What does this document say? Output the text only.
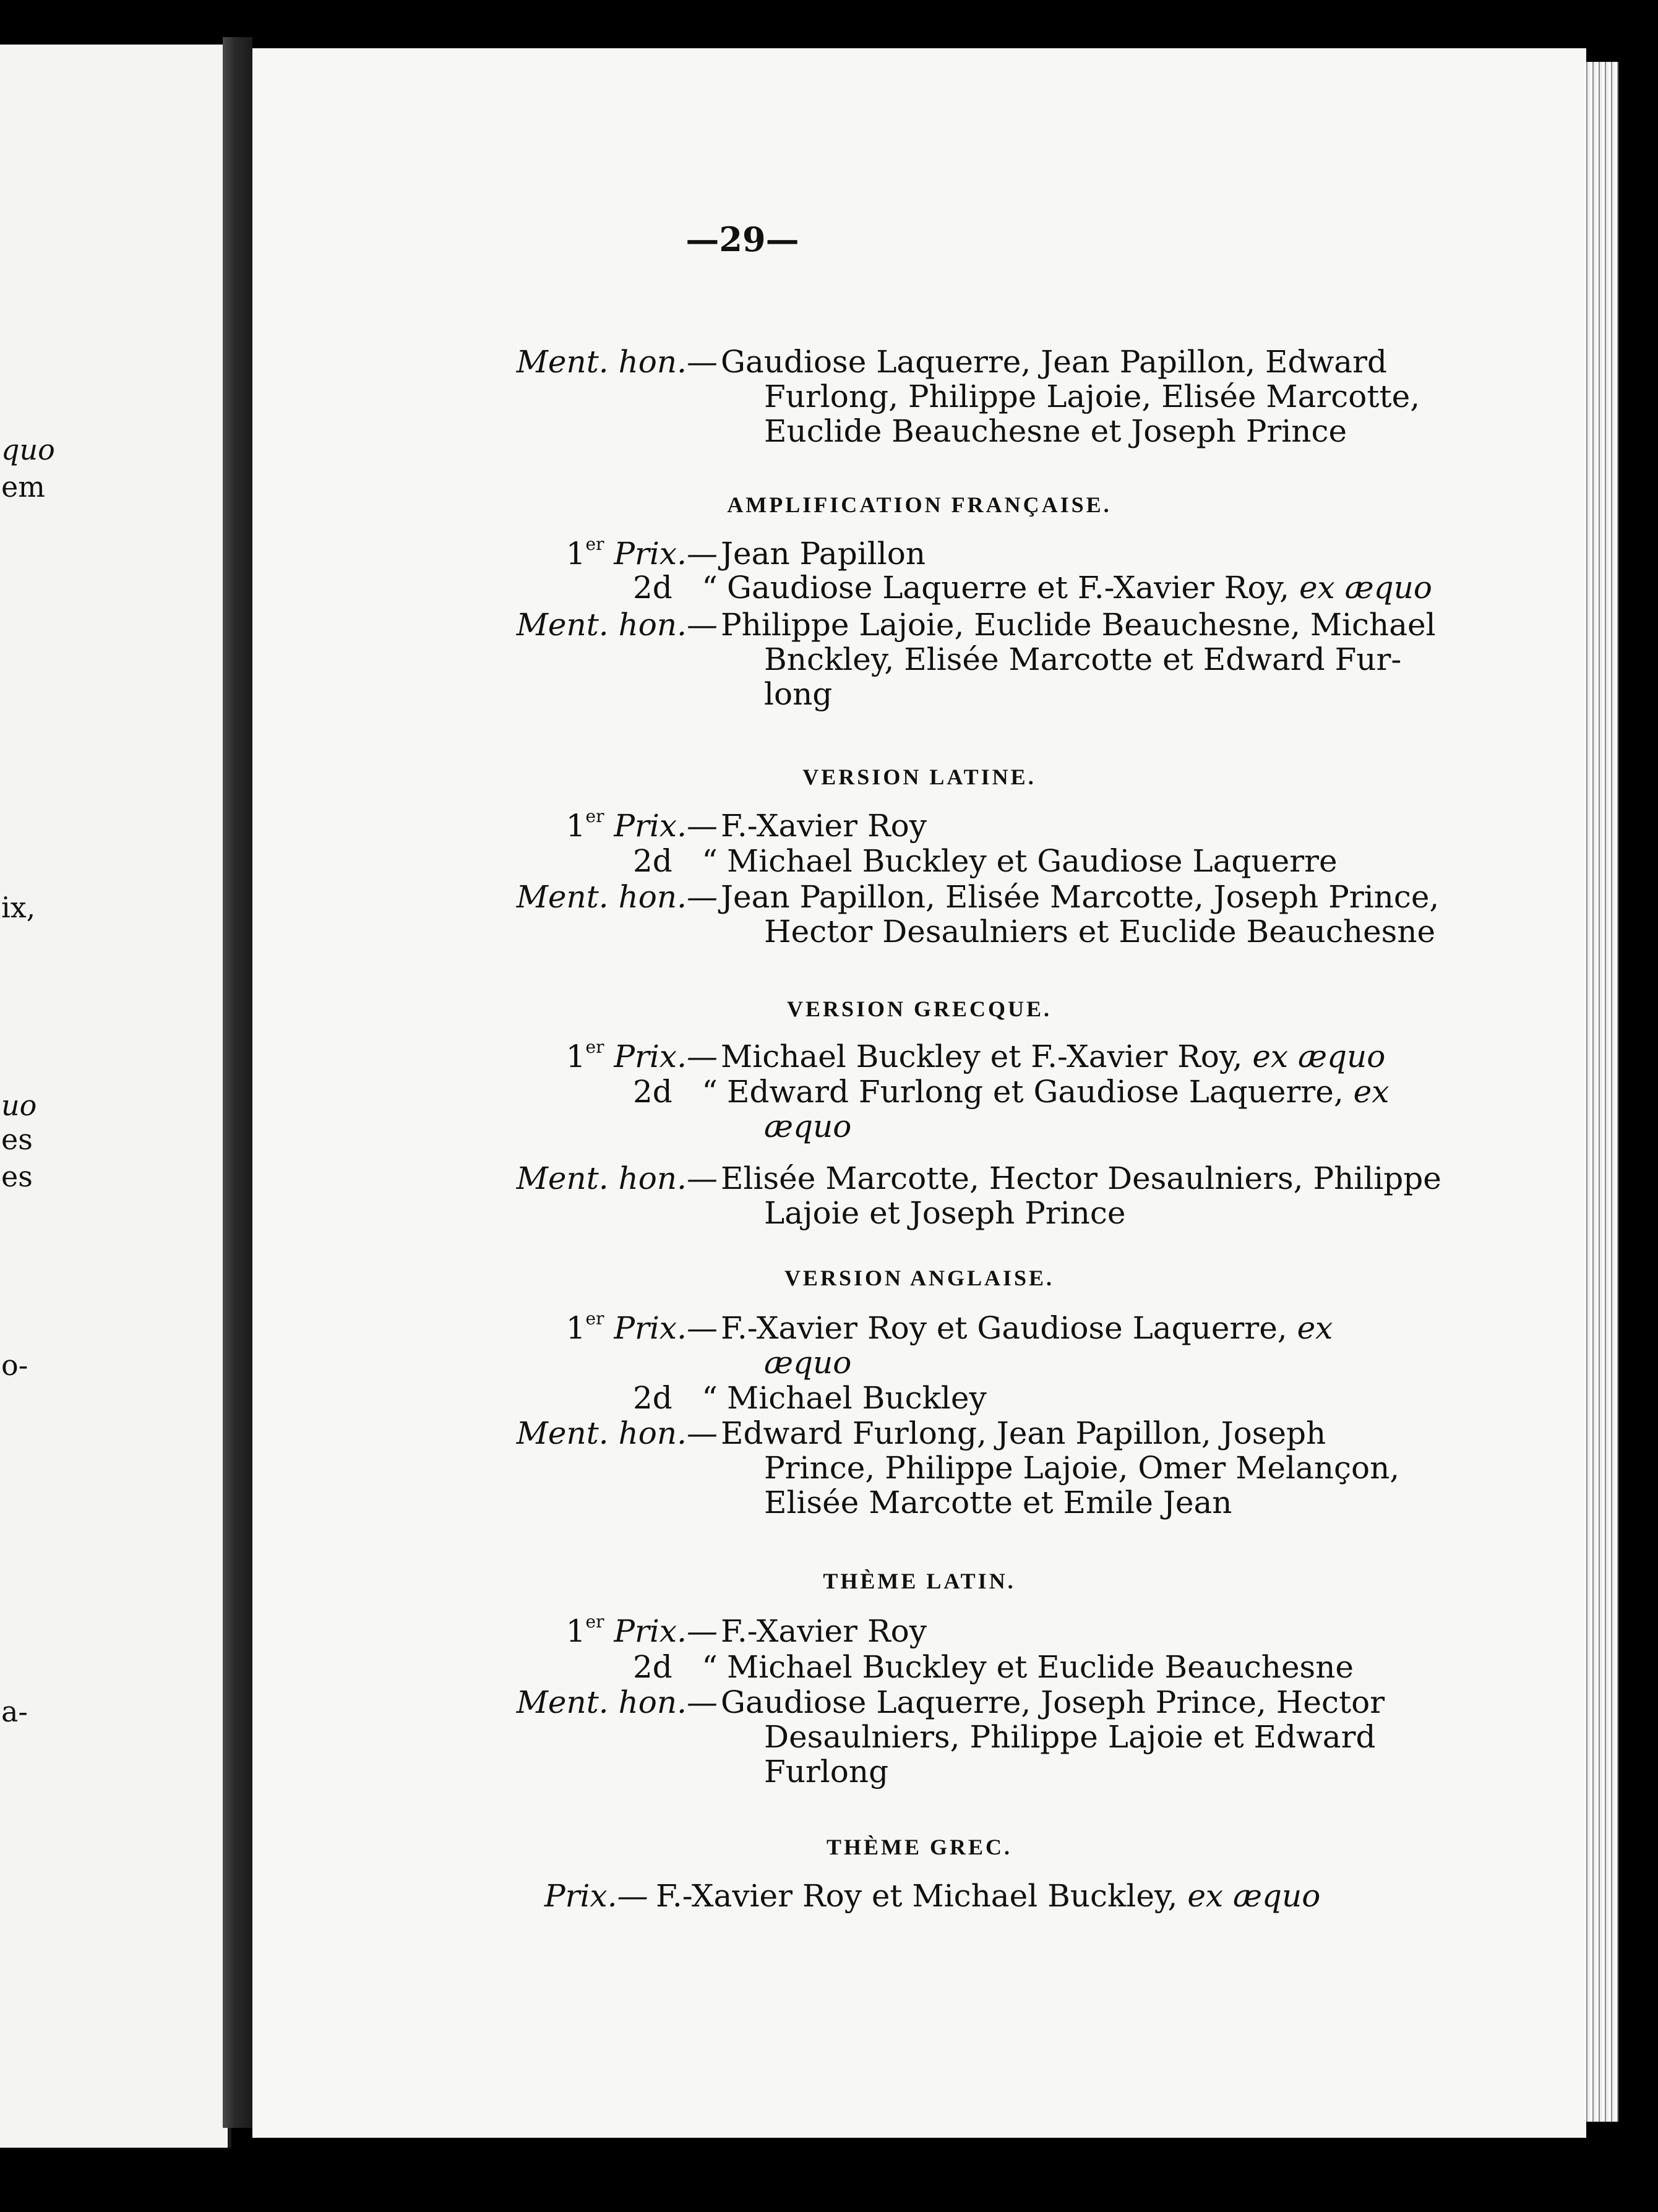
quo
em
ix,
uo
es
es
o-
a-
—29—
Ment. hon.— Gaudiose Laquerre, Jean Papillon, Edward
Furlong, Philippe Lajoie, Elisée Marcotte,
Euclide Beauchesne et Joseph Prince
AMPLIFICATION FRANÇAISE.
1er Prix.— Jean Papillon
2d   “ Gaudiose Laquerre et F.-Xavier Roy, ex æquo
Ment. hon.— Philippe Lajoie, Euclide Beauchesne, Michael
Bnckley, Elisée Marcotte et Edward Fur-
long
VERSION LATINE.
1er Prix.— F.-Xavier Roy
2d   “ Michael Buckley et Gaudiose Laquerre
Ment. hon.— Jean Papillon, Elisée Marcotte, Joseph Prince,
Hector Desaulniers et Euclide Beauchesne
VERSION GRECQUE.
1er Prix.— Michael Buckley et F.-Xavier Roy, ex æquo
2d   “ Edward Furlong et Gaudiose Laquerre, ex
æquo
Ment. hon.— Elisée Marcotte, Hector Desaulniers, Philippe
Lajoie et Joseph Prince
VERSION ANGLAISE.
1er Prix.— F.-Xavier Roy et Gaudiose Laquerre, ex
æquo
2d   “ Michael Buckley
Ment. hon.— Edward Furlong, Jean Papillon, Joseph
Prince, Philippe Lajoie, Omer Melançon,
Elisée Marcotte et Emile Jean
THÈME LATIN.
1er Prix.— F.-Xavier Roy
2d   “ Michael Buckley et Euclide Beauchesne
Ment. hon.— Gaudiose Laquerre, Joseph Prince, Hector
Desaulniers, Philippe Lajoie et Edward
Furlong
THÈME GREC.
Prix.— F.-Xavier Roy et Michael Buckley, ex æquo
